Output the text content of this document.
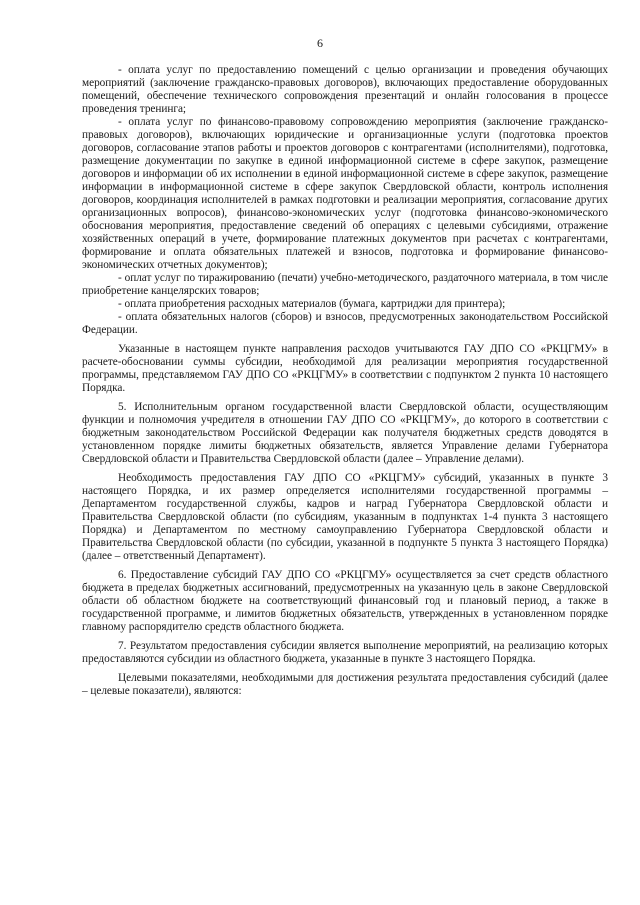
6

- оплата услуг по предоставлению помещений с целью организации и проведения обучающих мероприятий (заключение гражданско-правовых договоров), включающих предоставление оборудованных помещений, обеспечение технического сопровождения презентаций и онлайн голосования в процессе проведения тренинга;

- оплата услуг по финансово-правовому сопровождению мероприятия (заключение гражданско-правовых договоров), включающих юридические и организационные услуги (подготовка проектов договоров, согласование этапов работы и проектов договоров с контрагентами (исполнителями), подготовка, размещение документации по закупке в единой информационной системе в сфере закупок, размещение договоров и информации об их исполнении в единой информационной системе в сфере закупок, размещение информации в информационной системе в сфере закупок Свердловской области, контроль исполнения договоров, координация исполнителей в рамках подготовки и реализации мероприятия, согласование других организационных вопросов), финансово-экономических услуг (подготовка финансово-экономического обоснования мероприятия, предоставление сведений об операциях с целевыми субсидиями, отражение хозяйственных операций в учете, формирование платежных документов при расчетах с контрагентами, формирование и оплата обязательных платежей и взносов, подготовка и формирование финансово-экономических отчетных документов);

- оплат услуг по тиражированию (печати) учебно-методического, раздаточного материала, в том числе приобретение канцелярских товаров;

- оплата приобретения расходных материалов (бумага, картриджи для принтера);

- оплата обязательных налогов (сборов) и взносов, предусмотренных законодательством Российской Федерации.

Указанные в настоящем пункте направления расходов учитываются ГАУ ДПО СО «РКЦГМУ» в расчете-обосновании суммы субсидии, необходимой для реализации мероприятия государственной программы, представляемом ГАУ ДПО СО «РКЦГМУ» в соответствии с подпунктом 2 пункта 10 настоящего Порядка.

5. Исполнительным органом государственной власти Свердловской области, осуществляющим функции и полномочия учредителя в отношении ГАУ ДПО СО «РКЦГМУ», до которого в соответствии с бюджетным законодательством Российской Федерации как получателя бюджетных средств доводятся в установленном порядке лимиты бюджетных обязательств, является Управление делами Губернатора Свердловской области и Правительства Свердловской области (далее – Управление делами).

Необходимость предоставления ГАУ ДПО СО «РКЦГМУ» субсидий, указанных в пункте 3 настоящего Порядка, и их размер определяется исполнителями государственной программы – Департаментом государственной службы, кадров и наград Губернатора Свердловской области и Правительства Свердловской области (по субсидиям, указанным в подпунктах 1-4 пункта 3 настоящего Порядка) и Департаментом по местному самоуправлению Губернатора Свердловской области и Правительства Свердловской области (по субсидии, указанной в подпункте 5 пункта 3 настоящего Порядка) (далее – ответственный Департамент).

6. Предоставление субсидий ГАУ ДПО СО «РКЦГМУ» осуществляется за счет средств областного бюджета в пределах бюджетных ассигнований, предусмотренных на указанную цель в законе Свердловской области об областном бюджете на соответствующий финансовый год и плановый период, а также в государственной программе, и лимитов бюджетных обязательств, утвержденных в установленном порядке главному распорядителю средств областного бюджета.

7. Результатом предоставления субсидии является выполнение мероприятий, на реализацию которых предоставляются субсидии из областного бюджета, указанные в пункте 3 настоящего Порядка.

Целевыми показателями, необходимыми для достижения результата предоставления субсидий (далее – целевые показатели), являются:
